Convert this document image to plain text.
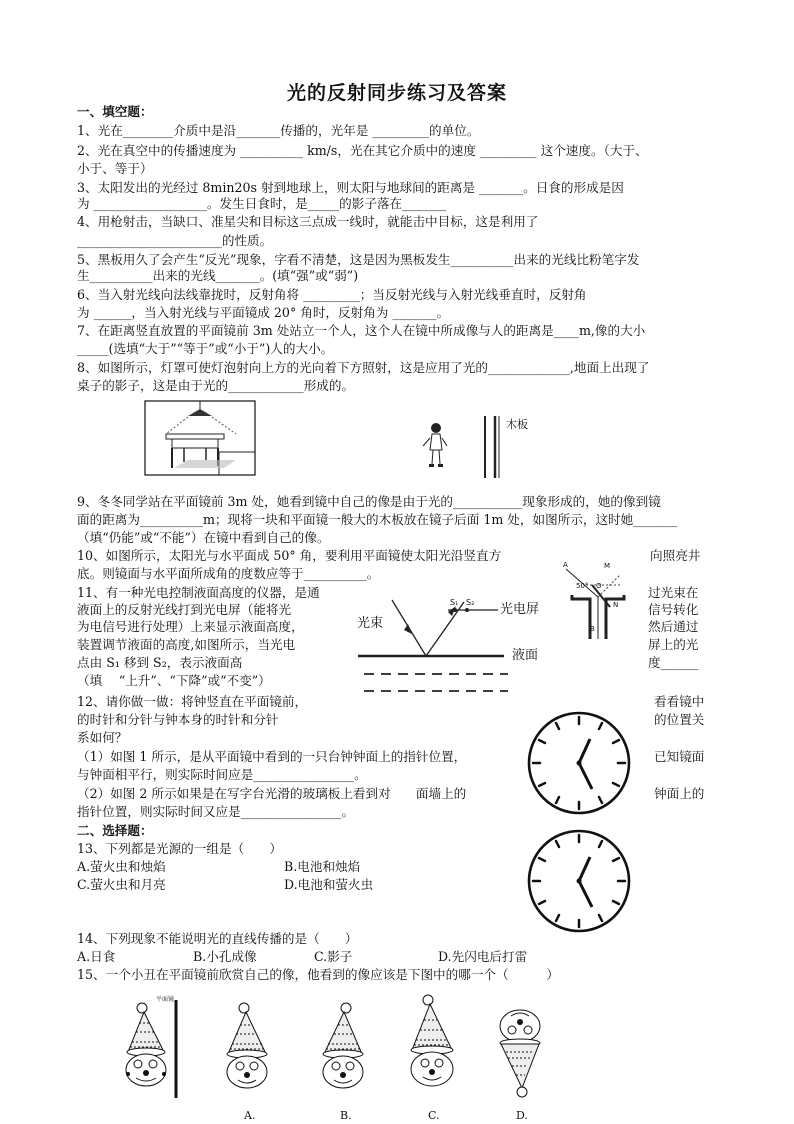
光的反射同步练习及答案
一、填空题：
1、光在________介质中是沿_______传播的，光年是 _________的单位。
2、光在真空中的传播速度为 __________ km/s，光在其它介质中的速度 _________ 这个速度。（大于、
小于、等于）
3、太阳发出的光经过 8min20s 射到地球上，则太阳与地球间的距离是 _______。日食的形成是因
为 __________________。发生日食时，是_____的影子落在_______
4、用枪射击，当缺口、准星尖和目标这三点成一线时，就能击中目标，这是利用了
_______________________的性质。
5、黑板用久了会产生“反光”现象，字看不清楚，这是因为黑板发生__________出来的光线比粉笔字发
生__________出来的光线_______。(填“强”或“弱”)
6、当入射光线向法线靠拢时，反射角将 _________；当反射光线与入射光线垂直时，反射角
为 ______，当入射光线与平面镜成 20° 角时，反射角为 _______。
7、在距离竖直放置的平面镜前 3m 处站立一个人，这个人在镜中所成像与人的距离是____m,像的大小
_____(选填“大于”“等于”或“小于”)人的大小。
8、如图所示，灯罩可使灯泡射向上方的光向着下方照射，这是应用了光的_____________,地面上出现了
桌子的影子，这是由于光的____________形成的。
木板
9、冬冬同学站在平面镜前 3m 处，她看到镜中自己的像是由于光的___________现象形成的，她的像到镜
面的距离为__________m；现将一块和平面镜一般大的木板放在镜子后面 1m 处，如图所示，这时她_______
（填“仍能”或“不能”）在镜中看到自己的像。
10、如图所示，太阳光与水平面成 50° 角，要利用平面镜使太阳光沿竖直方	向照亮井
底。则镜面与水平面所成角的度数应等于__________。
A	M
50° O
N
B
11、有一种光电控制液面高度的仪器，是通	过光束在
液面上的反射光线打到光电屏（能将光	信号转化
为电信号进行处理）上来显示液面高度，	然后通过
装置调节液面的高度,如图所示，当光电	屏上的光
点由 S₁ 移到 S₂，表示液面高	度______
（填　 “上升”、“下降”或“不变”）
S₁ S₂ 光电屏
光束
液面
12、请你做一做：将钟竖直在平面镜前，	看看镜中
的时针和分针与钟本身的时针和分针	的位置关
系如何？
（1）如图 1 所示，是从平面镜中看到的一只台钟钟面上的指针位置，	已知镜面
与钟面相平行，则实际时间应是________________。
（2）如图 2 所示如果是在写字台光滑的玻璃板上看到对　　面墙上的	钟面上的
指针位置，则实际时间又应是________________。
二、选择题：
13、下列都是光源的一组是（　　）
A.萤火虫和烛焰	B.电池和烛焰
C.萤火虫和月亮	D.电池和萤火虫
14、下列现象不能说明光的直线传播的是（　　）
A.日食	B.小孔成像	C.影子	D.先闪电后打雷
15、一个小丑在平面镜前欣赏自己的像，他看到的像应该是下图中的哪一个（　　　）
平面镜
A.	B.	C.	D.
